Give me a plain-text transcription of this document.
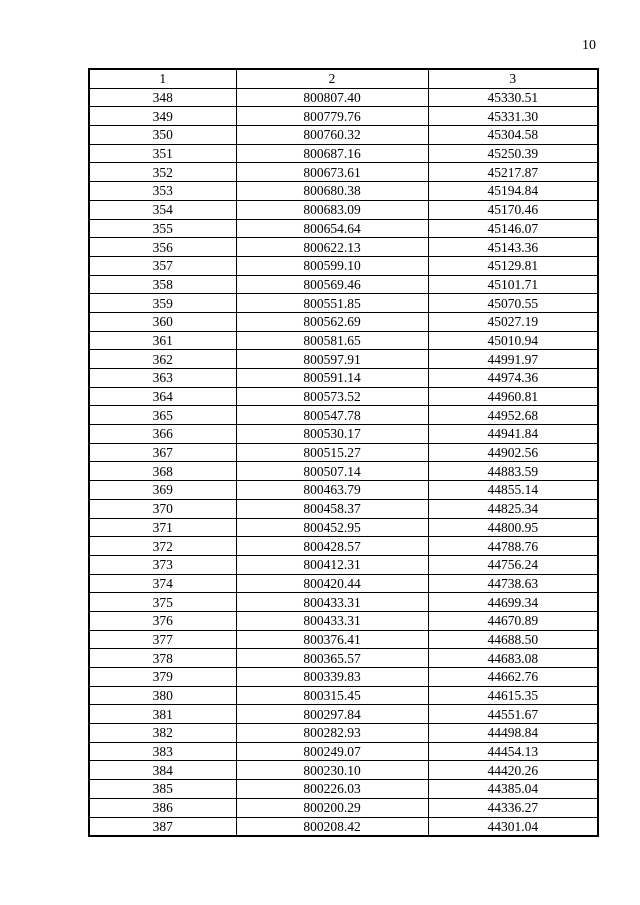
10
1	2	3
348	800807.40	45330.51
349	800779.76	45331.30
350	800760.32	45304.58
351	800687.16	45250.39
352	800673.61	45217.87
353	800680.38	45194.84
354	800683.09	45170.46
355	800654.64	45146.07
356	800622.13	45143.36
357	800599.10	45129.81
358	800569.46	45101.71
359	800551.85	45070.55
360	800562.69	45027.19
361	800581.65	45010.94
362	800597.91	44991.97
363	800591.14	44974.36
364	800573.52	44960.81
365	800547.78	44952.68
366	800530.17	44941.84
367	800515.27	44902.56
368	800507.14	44883.59
369	800463.79	44855.14
370	800458.37	44825.34
371	800452.95	44800.95
372	800428.57	44788.76
373	800412.31	44756.24
374	800420.44	44738.63
375	800433.31	44699.34
376	800433.31	44670.89
377	800376.41	44688.50
378	800365.57	44683.08
379	800339.83	44662.76
380	800315.45	44615.35
381	800297.84	44551.67
382	800282.93	44498.84
383	800249.07	44454.13
384	800230.10	44420.26
385	800226.03	44385.04
386	800200.29	44336.27
387	800208.42	44301.04
